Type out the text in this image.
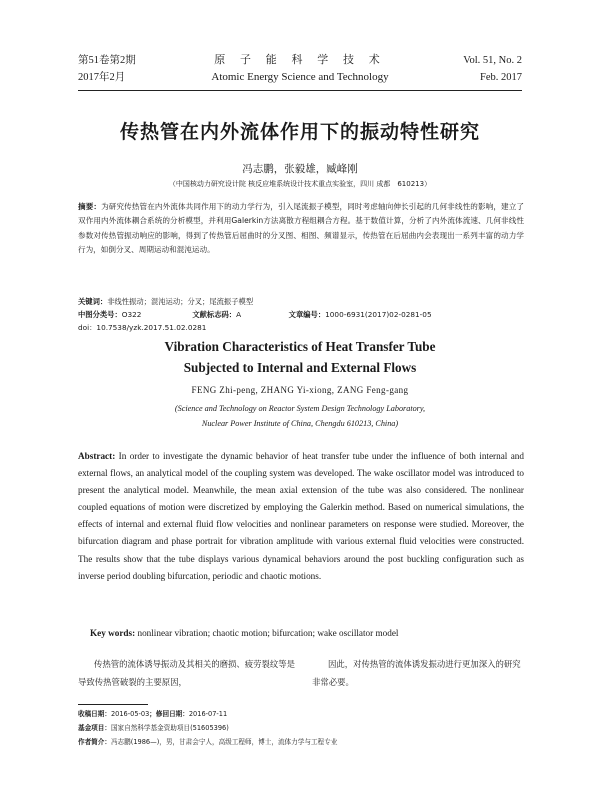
第51卷第2期
2017年2月
原 子 能 科 学 技 术
Atomic Energy Science and Technology
Vol. 51, No. 2
Feb. 2017
传热管在内外流体作用下的振动特性研究
冯志鹏，张毅雄，臧峰刚
（中国核动力研究设计院 核反应堆系统设计技术重点实验室，四川 成都　610213）
摘要：为研究传热管在内外流体共同作用下的动力学行为，引入尾流振子模型，同时考虑轴向伸长引起的几何非线性的影响，建立了双作用内外流体耦合系统的分析模型，并利用Galerkin方法离散方程组耦合方程。基于数值计算，分析了内外流体流速、几何非线性参数对传热管振动响应的影响，得到了传热管后屈曲时的分叉图、相图、频谱显示，传热管在后屈曲内会表现出一系列丰富的动力学行为，如倒分叉、周期运动和混沌运动。
关键词：非线性振动；混沌运动；分叉；尾流振子模型
中图分类号：O322	文献标志码：A	文章编号：1000-6931(2017)02-0281-05
doi：10.7538/yzk.2017.51.02.0281
Vibration Characteristics of Heat Transfer Tube
Subjected to Internal and External Flows
FENG Zhi-peng, ZHANG Yi-xiong, ZANG Feng-gang
(Science and Technology on Reactor System Design Technology Laboratory,
Nuclear Power Institute of China, Chengdu 610213, China)
Abstract: In order to investigate the dynamic behavior of heat transfer tube under the influence of both internal and external flows, an analytical model of the coupling system was developed. The wake oscillator model was introduced to present the analytical model. Meanwhile, the mean axial extension of the tube was also considered. The nonlinear coupled equations of motion were discretized by employing the Galerkin method. Based on numerical simulations, the effects of internal and external fluid flow velocities and nonlinear parameters on response were studied. Moreover, the bifurcation diagram and phase portrait for vibration amplitude with various external fluid velocities were constructed. The results show that the tube displays various dynamical behaviors around the post buckling configuration such as inverse period doubling bifurcation, periodic and chaotic motions.
Key words: nonlinear vibration; chaotic motion; bifurcation; wake oscillator model
传热管的流体诱导振动及其相关的磨损、疲劳裂纹等是导致传热管破裂的主要原因，
因此，对传热管的流体诱发振动进行更加深入的研究非常必要。
收稿日期：2016-05-03；修回日期：2016-07-11
基金项目：国家自然科学基金资助项目(51605396)
作者简介：冯志鹏(1986—)，男，甘肃会宁人，高级工程师，博士，流体力学与工程专业
